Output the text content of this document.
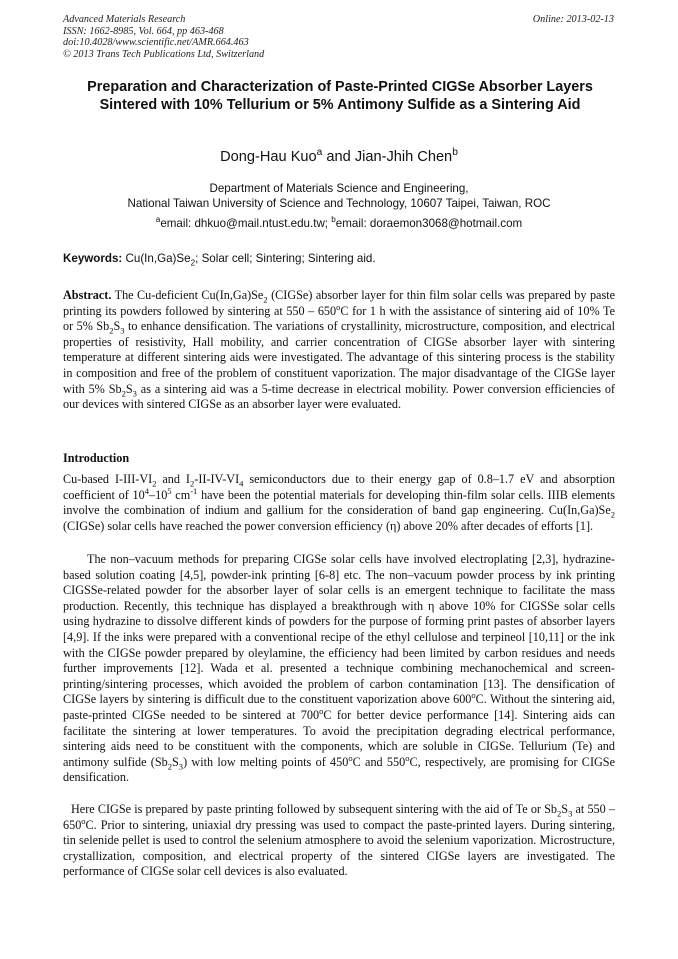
Advanced Materials Research
ISSN: 1662-8985, Vol. 664, pp 463-468
doi:10.4028/www.scientific.net/AMR.664.463
© 2013 Trans Tech Publications Ltd, Switzerland
Online: 2013-02-13
Preparation and Characterization of Paste-Printed CIGSe Absorber Layers Sintered with 10% Tellurium or 5% Antimony Sulfide as a Sintering Aid
Dong-Hau Kuo$^a$ and Jian-Jhih Chen$^b$
Department of Materials Science and Engineering,
National Taiwan University of Science and Technology, 10607 Taipei, Taiwan, ROC
$^a$email: dhkuo@mail.ntust.edu.tw; $^b$email: doraemon3068@hotmail.com
Keywords: $Cu(In,Ga)Se_2$; Solar cell; Sintering; Sintering aid.
Abstract. The Cu-deficient $Cu(In,Ga)Se_2$ (CIGSe) absorber layer for thin film solar cells was prepared by paste printing its powders followed by sintering at 550 – 650$^o$C for 1 h with the assistance of sintering aid of 10% Te or 5% $Sb_2S_3$ to enhance densification. The variations of crystallinity, microstructure, composition, and electrical properties of resistivity, Hall mobility, and carrier concentration of CIGSe absorber layer with sintering temperature at different sintering aids were investigated. The advantage of this sintering process is the stability in composition and free of the problem of constituent vaporization. The major disadvantage of the CIGSe layer with 5% $Sb_2S_3$ as a sintering aid was a 5-time decrease in electrical mobility. Power conversion efficiencies of our devices with sintered CIGSe as an absorber layer were evaluated.
Introduction
Cu-based $I-III-VI_2$ and $I_2-II-IV-VI_4$ semiconductors due to their energy gap of 0.8–1.7 eV and absorption coefficient of $10^4-10^5$ $cm^{-1}$ have been the potential materials for developing thin-film solar cells. IIIB elements involve the combination of indium and gallium for the consideration of band gap engineering. $Cu(In,Ga)Se_2$ (CIGSe) solar cells have reached the power conversion efficiency (η) above 20% after decades of efforts [1].
The non–vacuum methods for preparing CIGSe solar cells have involved electroplating [2,3], hydrazine-based solution coating [4,5], powder-ink printing [6-8] etc. The non–vacuum powder process by ink printing CIGSSe-related powder for the absorber layer of solar cells is an emergent technique to facilitate the mass production. Recently, this technique has displayed a breakthrough with η above 10% for CIGSSe solar cells using hydrazine to dissolve different kinds of powders for the purpose of forming print pastes of absorber layers [4,9]. If the inks were prepared with a conventional recipe of the ethyl cellulose and terpineol [10,11] or the ink with the CIGSe powder prepared by oleylamine, the efficiency had been limited by carbon residues and needs further improvements [12]. Wada et al. presented a technique combining mechanochemical and screen-printing/sintering processes, which avoided the problem of carbon contamination [13]. The densification of CIGSe layers by sintering is difficult due to the constituent vaporization above 600$^o$C. Without the sintering aid, paste-printed CIGSe needed to be sintered at 700$^o$C for better device performance [14]. Sintering aids can facilitate the sintering at lower temperatures. To avoid the precipitation degrading electrical performance, sintering aids need to be constituent with the components, which are soluble in CIGSe. Tellurium (Te) and antimony sulfide $(Sb_2S_3)$ with low melting points of 450$^o$C and 550$^o$C, respectively, are promising for CIGSe densification.
Here CIGSe is prepared by paste printing followed by subsequent sintering with the aid of Te or $Sb_2S_3$ at 550 – 650$^o$C. Prior to sintering, uniaxial dry pressing was used to compact the paste-printed layers. During sintering, tin selenide pellet is used to control the selenium atmosphere to avoid the selenium vaporization. Microstructure, crystallization, composition, and electrical property of the sintered CIGSe layers are investigated. The performance of CIGSe solar cell devices is also evaluated.
